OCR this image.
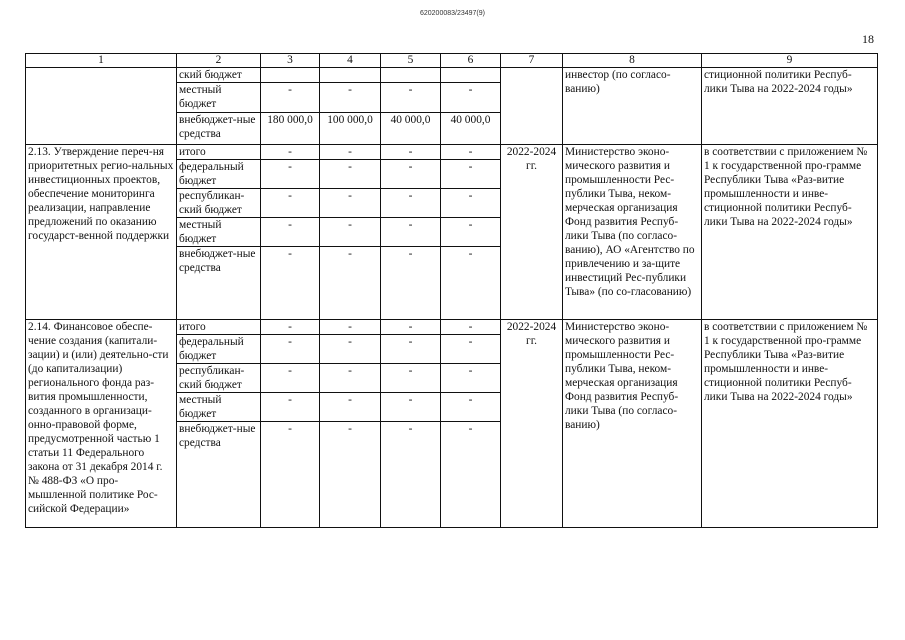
620200083/23497(9)
18
1	2	3	4	5	6	7	8	9
	ский бюджет						инвестор (по согласо-ванию)	стиционной политики Респуб-лики Тыва на 2022-2024 годы»
	местный бюджет	-	-	-	-			
	внебюджет-ные средства	180 000,0	100 000,0	40 000,0	40 000,0			
2.13. Утверждение переч-ня приоритетных регио-нальных инвестиционных проектов, обеспечение мониторинга реализации, направление предложений по оказанию государст-венной поддержки	итого	-	-	-	-	2022-2024 гг.	Министерство эконо-мического развития и промышленности Рес-публики Тыва, неком-мерческая организация Фонд развития Респуб-лики Тыва (по согласо-ванию), АО «Агентство по привлечению и за-щите инвестиций Рес-публики Тыва» (по со-гласованию)	в соответствии с приложением № 1 к государственной про-грамме Республики Тыва «Раз-витие промышленности и инве-стиционной политики Респуб-лики Тыва на 2022-2024 годы»
	федеральный бюджет	-	-	-	-			
	республикан-ский бюджет	-	-	-	-			
	местный бюджет	-	-	-	-			
	внебюджет-ные средства	-	-	-	-			
2.14. Финансовое обеспе-чение создания (капитали-зации) и (или) деятельно-сти (до капитализации) регионального фонда раз-вития промышленности, созданного в организаци-онно-правовой форме, предусмотренной частью 1 статьи 11 Федерального закона от 31 декабря 2014 г. № 488-ФЗ «О про-мышленной политике Рос-сийской Федерации»	итого	-	-	-	-	2022-2024 гг.	Министерство эконо-мического развития и промышленности Рес-публики Тыва, неком-мерческая организация Фонд развития Респуб-лики Тыва (по согласо-ванию)	в соответствии с приложением № 1 к государственной про-грамме Республики Тыва «Раз-витие промышленности и инве-стиционной политики Респуб-лики Тыва на 2022-2024 годы»
	федеральный бюджет	-	-	-	-			
	республикан-ский бюджет	-	-	-	-			
	местный бюджет	-	-	-	-			
	внебюджет-ные средства	-	-	-	-			
